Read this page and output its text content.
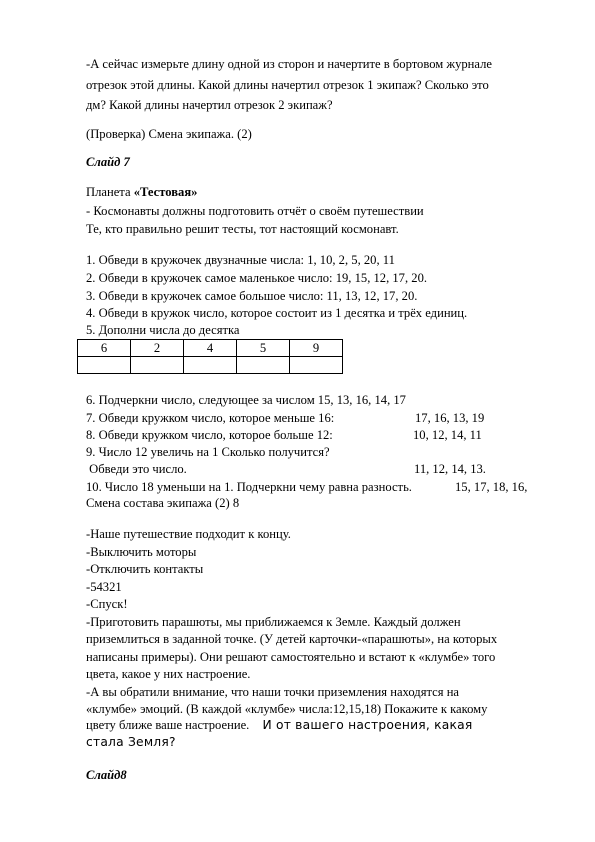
-А сейчас измерьте длину одной из сторон и начертите в бортовом журнале
отрезок этой длины. Какой длины начертил отрезок 1 экипаж? Сколько это
дм? Какой длины начертил отрезок 2 экипаж?
(Проверка) Смена экипажа. (2)
Слайд 7
Планета «Тестовая»
- Космонавты должны подготовить отчёт о своём путешествии
Те, кто правильно решит тесты, тот настоящий космонавт.
1. Обведи в кружочек двузначные числа: 1, 10, 2, 5, 20, 11
2. Обведи в кружочек самое маленькое число: 19, 15, 12, 17, 20.
3. Обведи в кружочек самое большое число: 11, 13, 12, 17, 20.
4. Обведи в кружок число, которое состоит из 1 десятка и трёх единиц.
5. Дополни числа до десятка
6	2	4	5	9

6. Подчеркни число, следующее за числом 15, 13, 16, 14, 17
7. Обведи кружком число, которое меньше 16:	17, 16, 13, 19
8. Обведи кружком число, которое больше 12:	10, 12, 14, 11
9. Число 12 увеличь на 1 Сколько получится?
Обведи это число.	11, 12, 14, 13.
10. Число 18 уменьши на 1. Подчеркни чему равна разность.	15, 17, 18, 16,
Смена состава экипажа (2) 8
-Наше путешествие подходит к концу.
-Выключить моторы
-Отключить контакты
-54321
-Спуск!
-Приготовить парашюты, мы приближаемся к Земле. Каждый должен
приземлиться в заданной точке. (У детей карточки-«парашюты», на которых
написаны примеры). Они решают самостоятельно и встают к «клумбе» того
цвета, какое у них настроение.
-А вы обратили внимание, что наши точки приземления находятся на
«клумбе» эмоций. (В каждой «клумбе» числа:12,15,18) Покажите к какому
цвету ближе ваше настроение. И от вашего настроения, какая
стала Земля?
Слайд8
